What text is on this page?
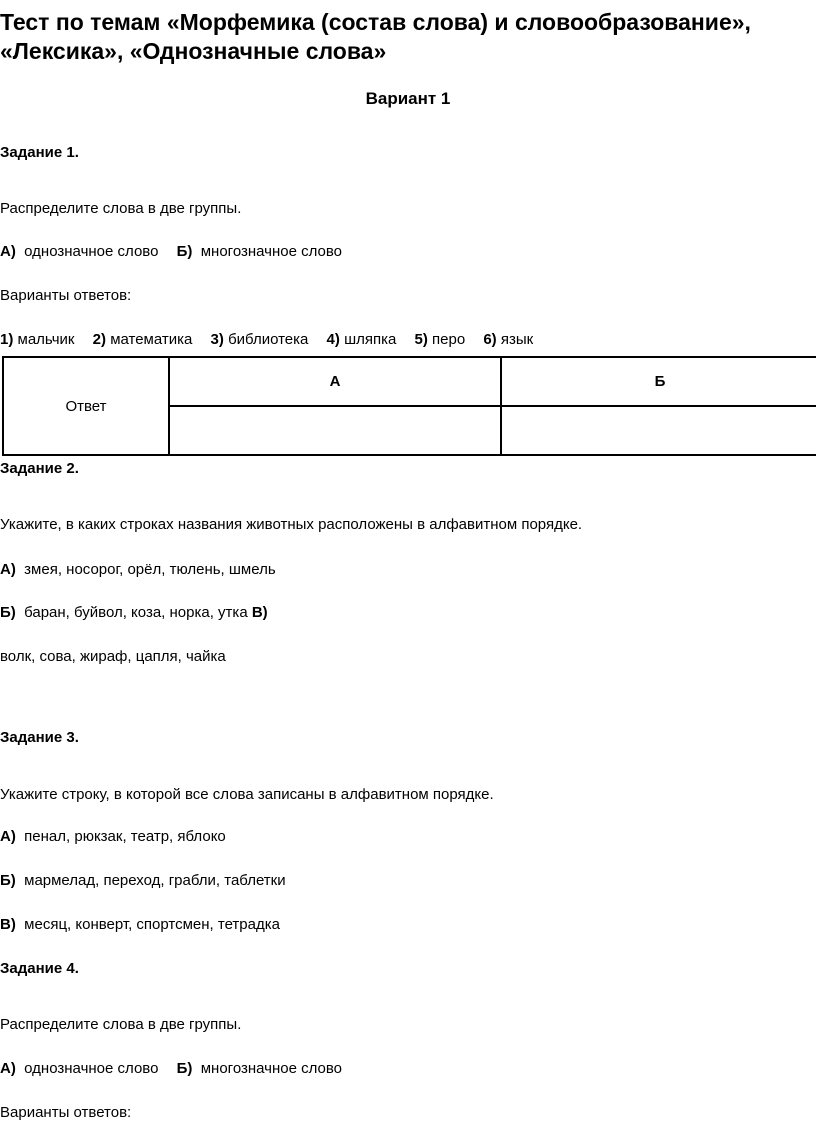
Тест по темам «Морфемика (состав слова) и словообразование», «Лексика», «Однозначные слова»
Вариант 1
Задание 1.
Распределите слова в две группы.
А) однозначное слово Б) многозначное слово
Варианты ответов:
1) мальчик 2) математика 3) библиотека 4) шляпка 5) перо 6) язык
Ответ	А	Б

Задание 2.
Укажите, в каких строках названия животных расположены в алфавитном порядке.
А) змея, носорог, орёл, тюлень, шмель
Б) баран, буйвол, коза, норка, утка В)
волк, сова, жираф, цапля, чайка
Задание 3.
Укажите строку, в которой все слова записаны в алфавитном порядке.
А) пенал, рюкзак, театр, яблоко
Б) мармелад, переход, грабли, таблетки
В) месяц, конверт, спортсмен, тетрадка
Задание 4.
Распределите слова в две группы.
А) однозначное слово Б) многозначное слово
Варианты ответов:
